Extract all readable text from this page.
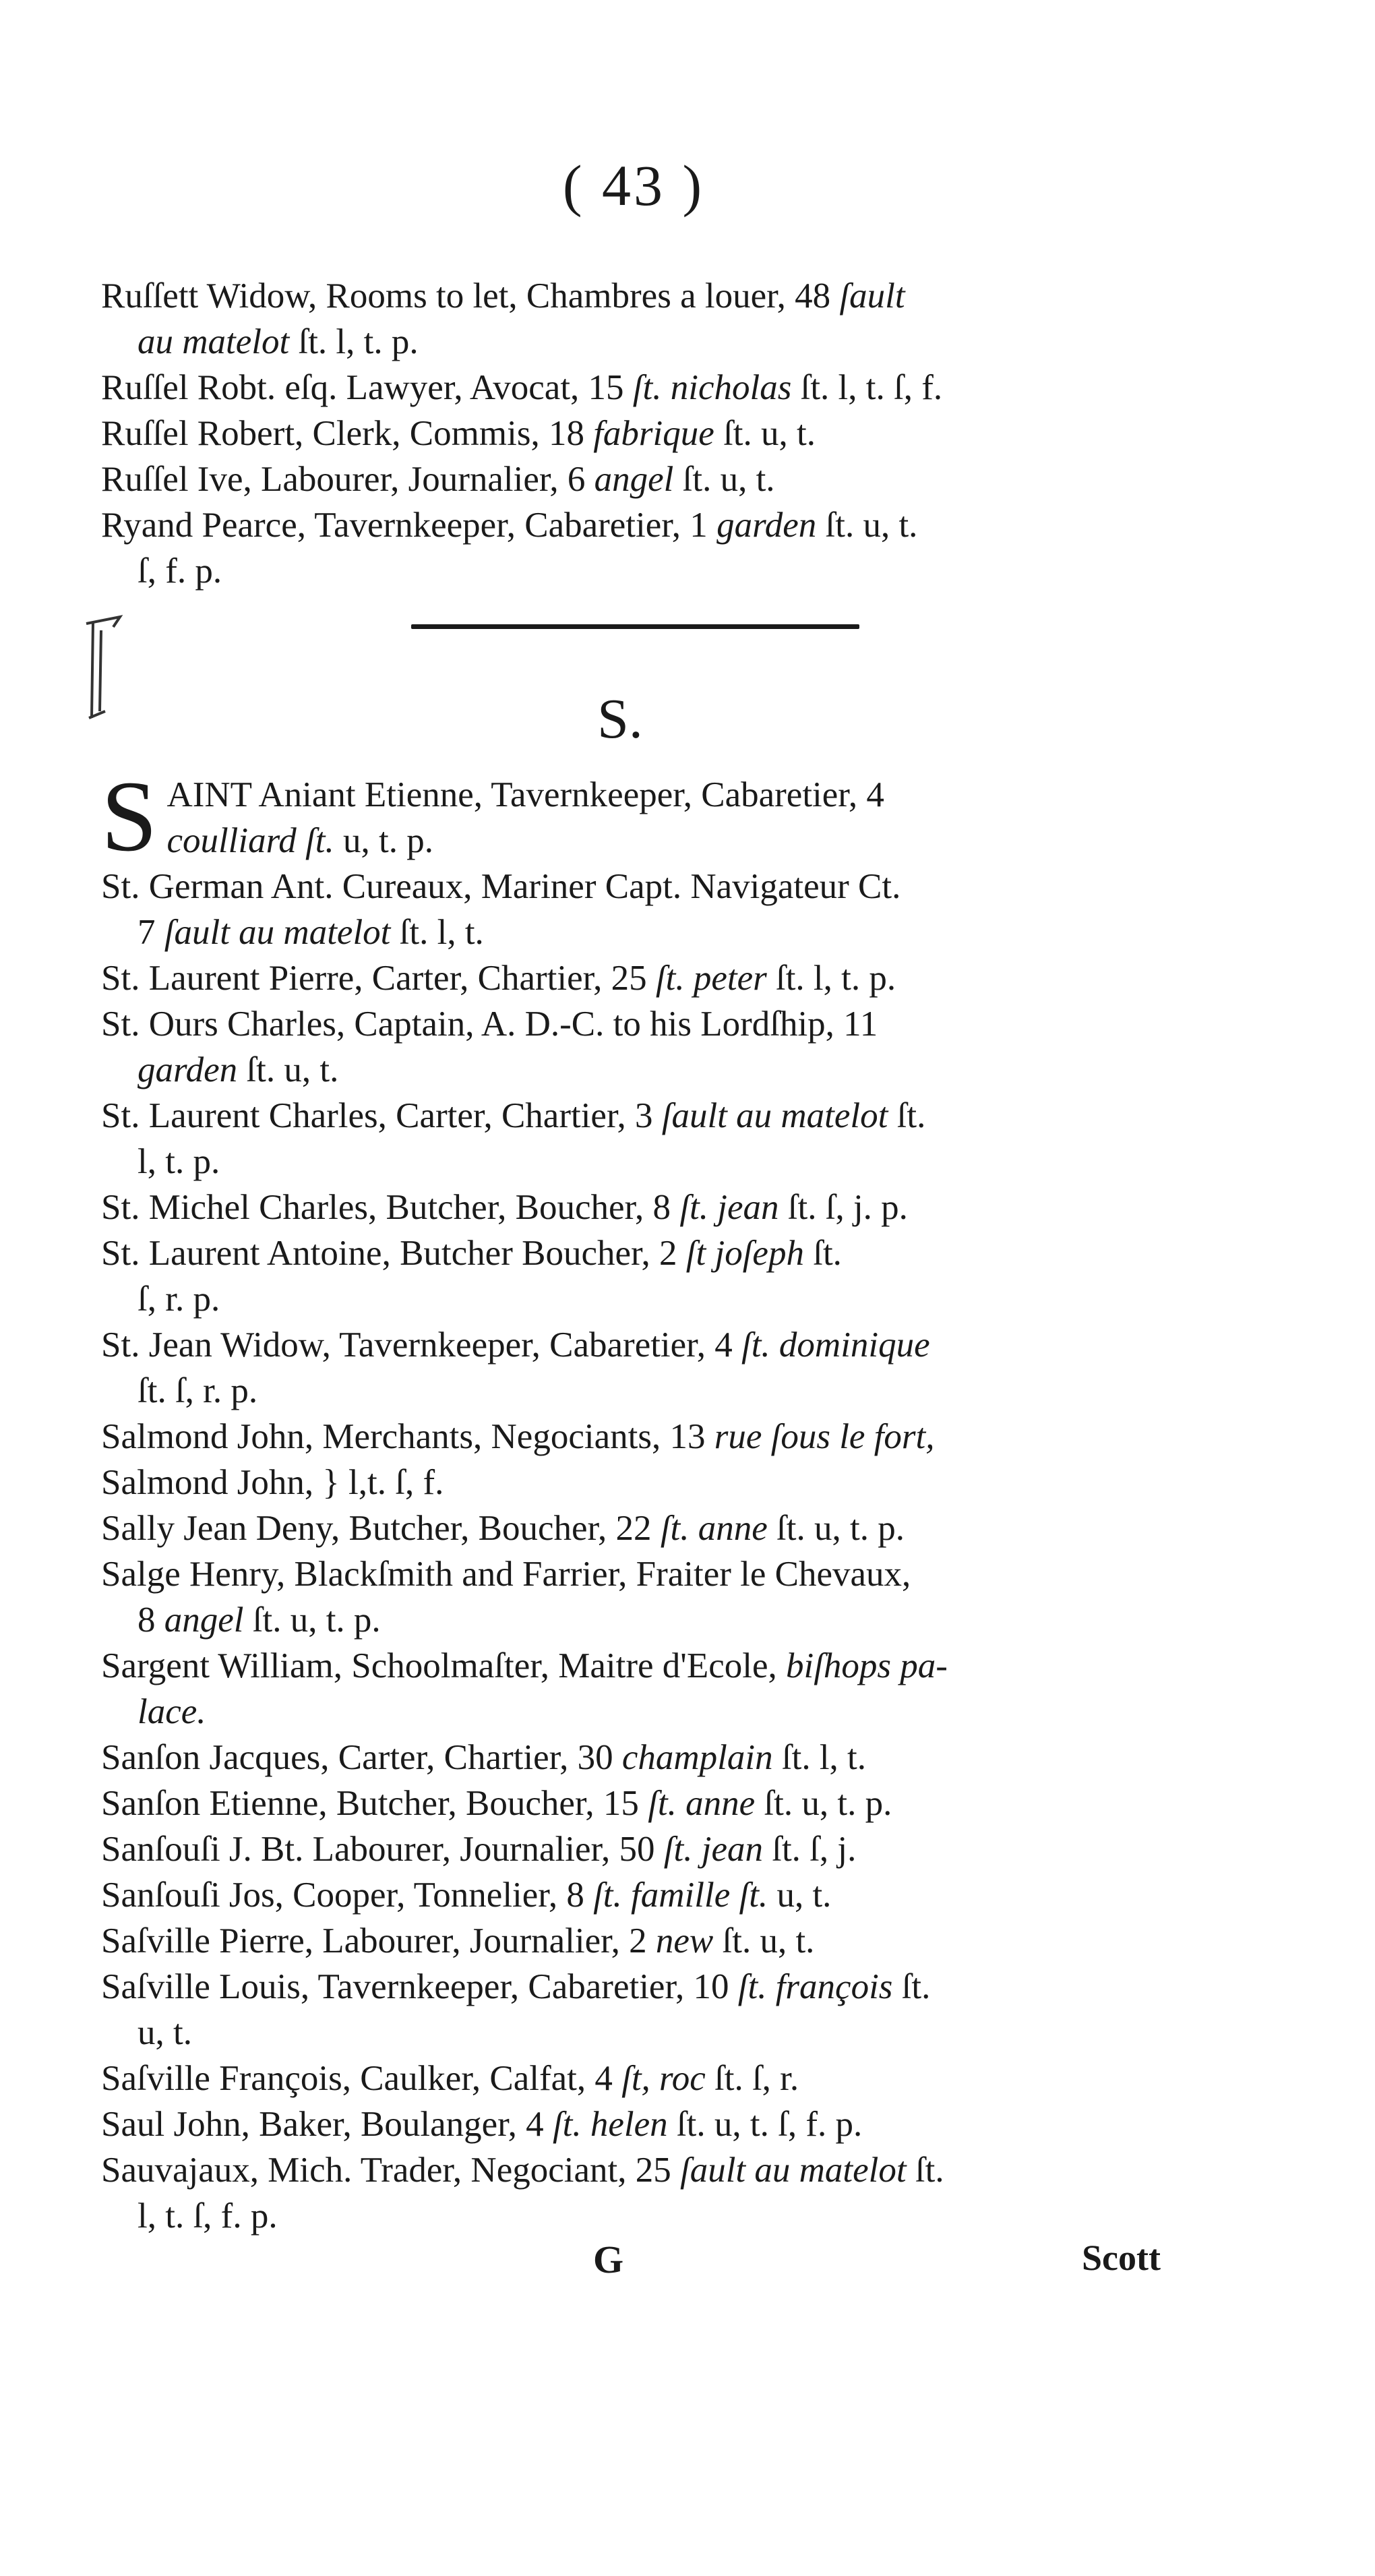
( 43 )

Ruſſett Widow, Rooms to let, Chambres a louer, 48 ſault
au matelot ſt. l, t. p.

Ruſſel Robt. eſq. Lawyer, Avocat, 15 ſt. nicholas ſt. l, t. ſ, f.

Ruſſel Robert, Clerk, Commis, 18 fabrique ſt. u, t.

Ruſſel Ive, Labourer, Journalier, 6 angel ſt. u, t.

Ryand Pearce, Tavernkeeper, Cabaretier, 1 garden ſt. u, t.
ſ, f. p.

S.

SAINT Aniant Etienne, Tavernkeeper, Cabaretier, 4
coulliard ſt. u, t. p.

St. German Ant. Cureaux, Mariner Capt. Navigateur Ct.
7 ſault au matelot ſt. l, t.

St. Laurent Pierre, Carter, Chartier, 25 ſt. peter ſt. l, t. p.

St. Ours Charles, Captain, A. D.-C. to his Lordſhip, 11
garden ſt. u, t.

St. Laurent Charles, Carter, Chartier, 3 ſault au matelot ſt.
l, t. p.

St. Michel Charles, Butcher, Boucher, 8 ſt. jean ſt. ſ, j. p.

St. Laurent Antoine, Butcher Boucher, 2 ſt joſeph ſt.
ſ, r. p.

St. Jean Widow, Tavernkeeper, Cabaretier, 4 ſt. dominique
ſt. ſ, r. p.

Salmond John, Merchants, Negociants, 13 rue ſous le fort,

Salmond John, } l,t. ſ, f.

Sally Jean Deny, Butcher, Boucher, 22 ſt. anne ſt. u, t. p.

Salge Henry, Blackſmith and Farrier, Fraiter le Chevaux,
8 angel ſt. u, t. p.

Sargent William, Schoolmaſter, Maitre d'Ecole, biſhops pa-
lace.

Sanſon Jacques, Carter, Chartier, 30 champlain ſt. l, t.

Sanſon Etienne, Butcher, Boucher, 15 ſt. anne ſt. u, t. p.

Sanſouſi J. Bt. Labourer, Journalier, 50 ſt. jean ſt. ſ, j.

Sanſouſi Jos, Cooper, Tonnelier, 8 ſt. famille ſt. u, t.

Saſville Pierre, Labourer, Journalier, 2 new ſt. u, t.

Saſville Louis, Tavernkeeper, Cabaretier, 10 ſt. françois ſt.
u, t.

Saſville François, Caulker, Calfat, 4 ſt, roc ſt. ſ, r.

Saul John, Baker, Boulanger, 4 ſt. helen ſt. u, t. ſ, f. p.

Sauvajaux, Mich. Trader, Negociant, 25 ſault au matelot ſt.
l, t. ſ, f. p.

G	Scott
